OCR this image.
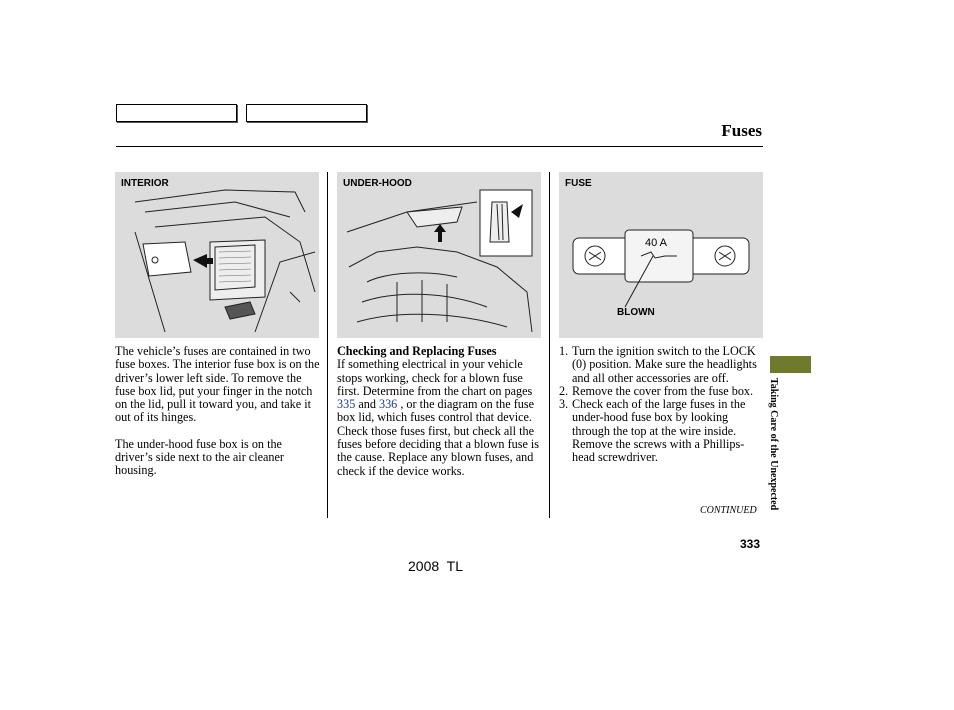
Fuses
INTERIOR	UNDER-HOOD
40 A
FUSE
BLOWN

The vehicle’s fuses are contained in two fuse boxes. The interior fuse box is on the driver’s lower left side. To remove the fuse box lid, put your finger in the notch on the lid, pull it toward you, and take it out of its hinges.

The under-hood fuse box is on the driver’s side next to the air cleaner housing.

Checking and Replacing Fuses

If something electrical in your vehicle stops working, check for a blown fuse first. Determine from the chart on pages 335 and 336 , or the diagram on the fuse box lid, which fuses control that device. Check those fuses first, but check all the fuses before deciding that a blown fuse is the cause. Replace any blown fuses, and check if the device works.

1. Turn the ignition switch to the LOCK (0) position. Make sure the headlights and all other accessories are off.
2. Remove the cover from the fuse box.
3. Check each of the large fuses in the under-hood fuse box by looking through the top at the wire inside. Remove the screws with a Phillips-head screwdriver.	Taking Care of the Unexpected
CONTINUED
333
2008  TL
